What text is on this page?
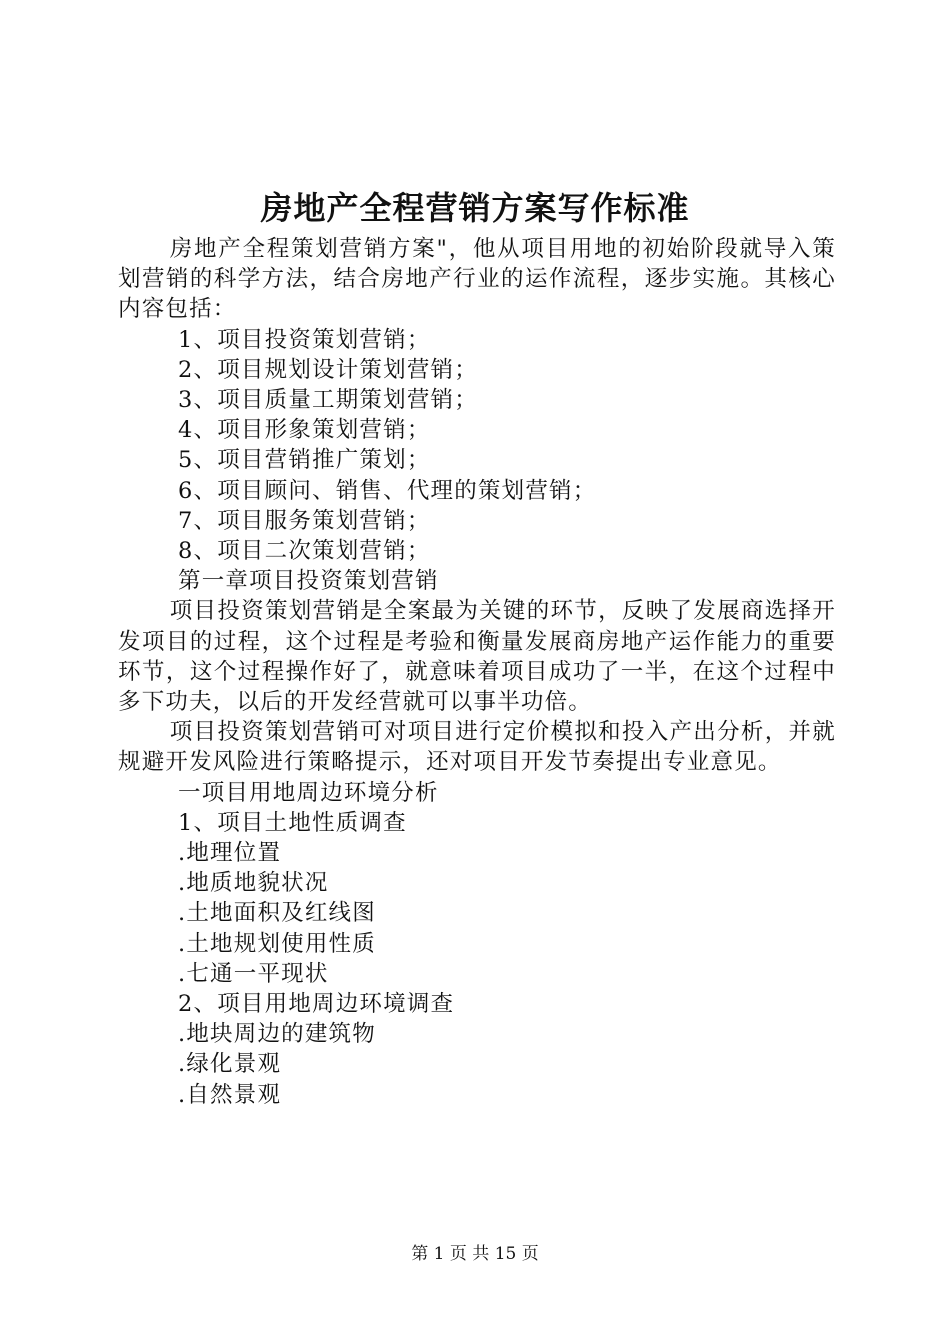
房地产全程营销方案写作标准

房地产全程策划营销方案"，他从项目用地的初始阶段就导入策划营销的科学方法，结合房地产行业的运作流程，逐步实施。其核心内容包括：

1、项目投资策划营销；

2、项目规划设计策划营销；

3、项目质量工期策划营销；

4、项目形象策划营销；

5、项目营销推广策划；

6、项目顾问、销售、代理的策划营销；

7、项目服务策划营销；

8、项目二次策划营销；

第一章项目投资策划营销

项目投资策划营销是全案最为关键的环节，反映了发展商选择开发项目的过程，这个过程是考验和衡量发展商房地产运作能力的重要环节，这个过程操作好了，就意味着项目成功了一半，在这个过程中多下功夫，以后的开发经营就可以事半功倍。

项目投资策划营销可对项目进行定价模拟和投入产出分析，并就规避开发风险进行策略提示，还对项目开发节奏提出专业意见。

一项目用地周边环境分析

1、项目土地性质调查

.地理位置

.地质地貌状况

.土地面积及红线图

.土地规划使用性质

.七通一平现状

2、项目用地周边环境调查

.地块周边的建筑物

.绿化景观

.自然景观

第 1 页 共 15 页
